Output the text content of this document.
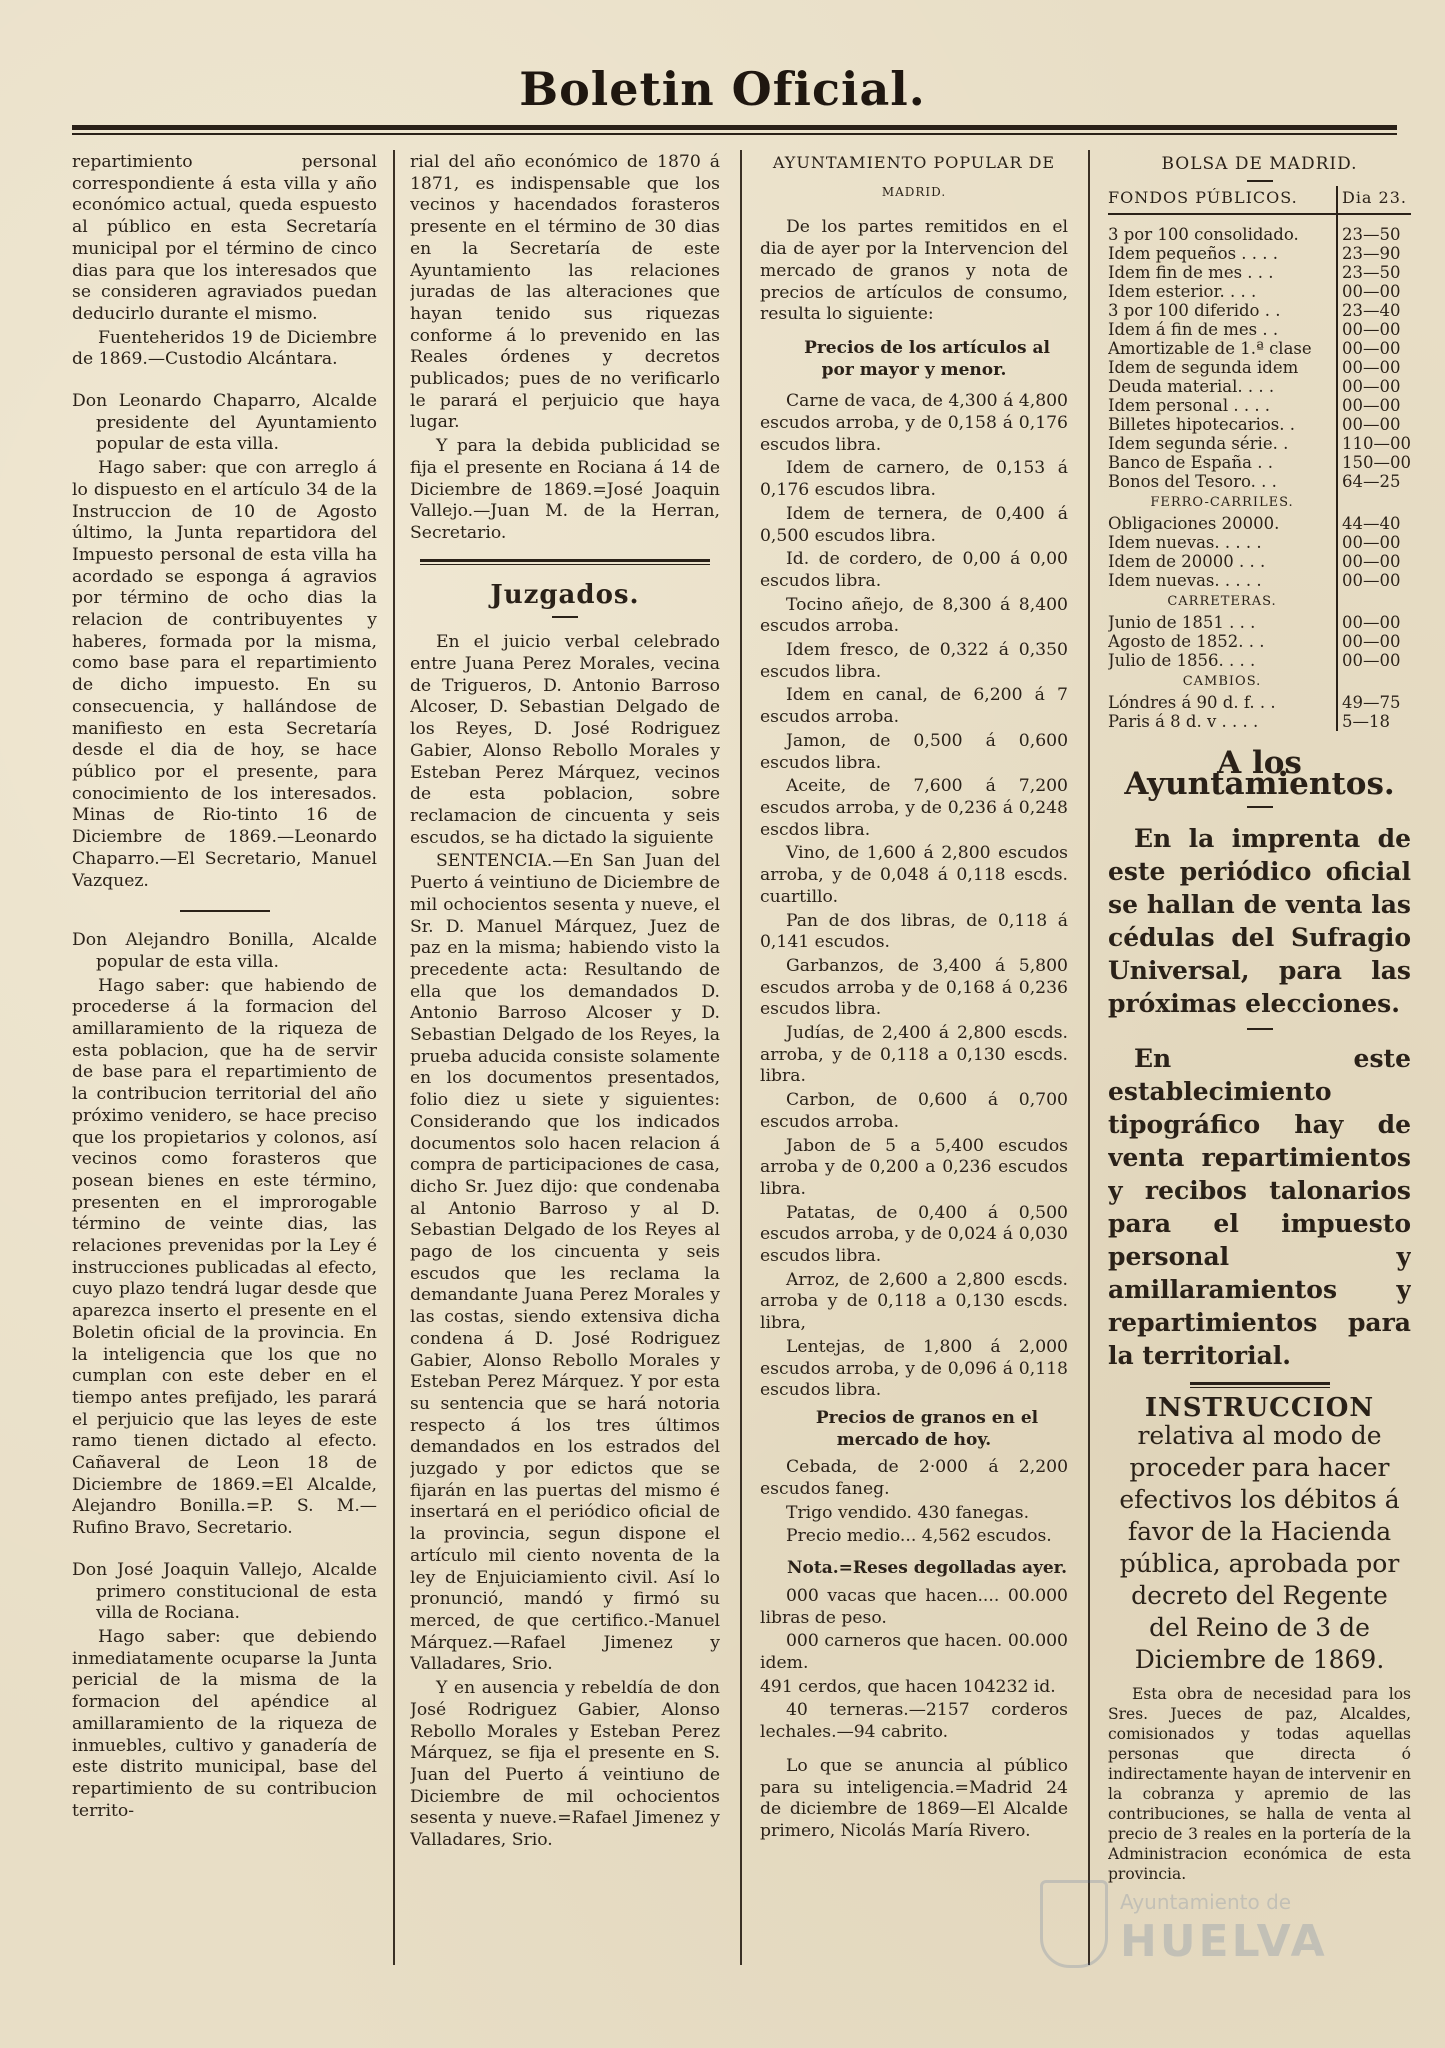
Boletin Oficial.

repartimiento personal correspondiente á esta villa y año económico actual, queda espuesto al público en esta Secretaría municipal por el término de cinco dias para que los interesados que se consideren agraviados puedan deducirlo durante el mismo.

Fuenteheridos 19 de Diciembre de 1869.—Custodio Alcántara.

Don Leonardo Chaparro, Alcalde presidente del Ayuntamiento popular de esta villa.

Hago saber: que con arreglo á lo dispuesto en el artículo 34 de la Instruccion de 10 de Agosto último, la Junta repartidora del Impuesto personal de esta villa ha acordado se esponga á agravios por término de ocho dias la relacion de contribuyentes y haberes, formada por la misma, como base para el repartimiento de dicho impuesto. En su consecuencia, y hallándose de manifiesto en esta Secretaría desde el dia de hoy, se hace público por el presente, para conocimiento de los interesados. Minas de Rio-tinto 16 de Diciembre de 1869.—Leonardo Chaparro.—El Secretario, Manuel Vazquez.

Don Alejandro Bonilla, Alcalde popular de esta villa.

Hago saber: que habiendo de procederse á la formacion del amillaramiento de la riqueza de esta poblacion, que ha de servir de base para el repartimiento de la contribucion territorial del año próximo venidero, se hace preciso que los propietarios y colonos, así vecinos como forasteros que posean bienes en este término, presenten en el improrogable término de veinte dias, las relaciones prevenidas por la Ley é instrucciones publicadas al efecto, cuyo plazo tendrá lugar desde que aparezca inserto el presente en el Boletin oficial de la provincia. En la inteligencia que los que no cumplan con este deber en el tiempo antes prefijado, les parará el perjuicio que las leyes de este ramo tienen dictado al efecto. Cañaveral de Leon 18 de Diciembre de 1869.=El Alcalde, Alejandro Bonilla.=P. S. M.—Rufino Bravo, Secretario.

Don José Joaquin Vallejo, Alcalde primero constitucional de esta villa de Rociana.

Hago saber: que debiendo inmediatamente ocuparse la Junta pericial de la misma de la formacion del apéndice al amillaramiento de la riqueza de inmuebles, cultivo y ganadería de este distrito municipal, base del repartimiento de su contribucion territo-

rial del año económico de 1870 á 1871, es indispensable que los vecinos y hacendados forasteros presente en el término de 30 dias en la Secretaría de este Ayuntamiento las relaciones juradas de las alteraciones que hayan tenido sus riquezas conforme á lo prevenido en las Reales órdenes y decretos publicados; pues de no verificarlo le parará el perjuicio que haya lugar.

Y para la debida publicidad se fija el presente en Rociana á 14 de Diciembre de 1869.=José Joaquin Vallejo.—Juan M. de la Herran, Secretario.

Juzgados.

En el juicio verbal celebrado entre Juana Perez Morales, vecina de Trigueros, D. Antonio Barroso Alcoser, D. Sebastian Delgado de los Reyes, D. José Rodriguez Gabier, Alonso Rebollo Morales y Esteban Perez Márquez, vecinos de esta poblacion, sobre reclamacion de cincuenta y seis escudos, se ha dictado la siguiente

SENTENCIA.—En San Juan del Puerto á veintiuno de Diciembre de mil ochocientos sesenta y nueve, el Sr. D. Manuel Márquez, Juez de paz en la misma; habiendo visto la precedente acta: Resultando de ella que los demandados D. Antonio Barroso Alcoser y D. Sebastian Delgado de los Reyes, la prueba aducida consiste solamente en los documentos presentados, folio diez u siete y siguientes: Considerando que los indicados documentos solo hacen relacion á compra de participaciones de casa, dicho Sr. Juez dijo: que condenaba al Antonio Barroso y al D. Sebastian Delgado de los Reyes al pago de los cincuenta y seis escudos que les reclama la demandante Juana Perez Morales y las costas, siendo extensiva dicha condena á D. José Rodriguez Gabier, Alonso Rebollo Morales y Esteban Perez Márquez. Y por esta su sentencia que se hará notoria respecto á los tres últimos demandados en los estrados del juzgado y por edictos que se fijarán en las puertas del mismo é insertará en el periódico oficial de la provincia, segun dispone el artículo mil ciento noventa de la ley de Enjuiciamiento civil. Así lo pronunció, mandó y firmó su merced, de que certifico.-Manuel Márquez.—Rafael Jimenez y Valladares, Srio.

Y en ausencia y rebeldía de don José Rodriguez Gabier, Alonso Rebollo Morales y Esteban Perez Márquez, se fija el presente en S. Juan del Puerto á veintiuno de Diciembre de mil ochocientos sesenta y nueve.=Rafael Jimenez y Valladares, Srio.

AYUNTAMIENTO POPULAR DE
MADRID.

De los partes remitidos en el dia de ayer por la Intervencion del mercado de granos y nota de precios de artículos de consumo, resulta lo siguiente:

Precios de los artículos al por mayor y menor.

Carne de vaca, de 4,300 á 4,800 escudos arroba, y de 0,158 á 0,176 escudos libra.

Idem de carnero, de 0,153 á 0,176 escudos libra.

Idem de ternera, de 0,400 á 0,500 escudos libra.

Id. de cordero, de 0,00 á 0,00 escudos libra.

Tocino añejo, de 8,300 á 8,400 escudos arroba.

Idem fresco, de 0,322 á 0,350 escudos libra.

Idem en canal, de 6,200 á 7 escudos arroba.

Jamon, de 0,500 á 0,600 escudos libra.

Aceite, de 7,600 á 7,200 escudos arroba, y de 0,236 á 0,248 escdos libra.

Vino, de 1,600 á 2,800 escudos arroba, y de 0,048 á 0,118 escds. cuartillo.

Pan de dos libras, de 0,118 á 0,141 escudos.

Garbanzos, de 3,400 á 5,800 escudos arroba y de 0,168 á 0,236 escudos libra.

Judías, de 2,400 á 2,800 escds. arroba, y de 0,118 a 0,130 escds. libra.

Carbon, de 0,600 á 0,700 escudos arroba.

Jabon de 5 a 5,400 escudos arroba y de 0,200 a 0,236 escudos libra.

Patatas, de 0,400 á 0,500 escudos arroba, y de 0,024 á 0,030 escudos libra.

Arroz, de 2,600 a 2,800 escds. arroba y de 0,118 a 0,130 escds. libra,

Lentejas, de 1,800 á 2,000 escudos arroba, y de 0,096 á 0,118 escudos libra.

Precios de granos en el mercado de hoy.

Cebada, de 2·000 á 2,200 escudos faneg.

Trigo vendido. 430 fanegas.

Precio medio... 4,562 escudos.

Nota.=Reses degolladas ayer.

000 vacas que hacen.... 00.000 libras de peso.

000 carneros que hacen. 00.000 idem.

491 cerdos, que hacen 104232 id.

40 terneras.—2157 corderos lechales.—94 cabrito.

Lo que se anuncia al público para su inteligencia.=Madrid 24 de diciembre de 1869—El Alcalde primero, Nicolás María Rivero.

BOLSA DE MADRID.
FONDOS PÚBLICOS.		Dia 23.

3 por 100 consolidado.		23—50
Idem pequeños . . . .		23—90
Idem fin de mes . . .		23—50
Idem esterior. . . .		00—00
3 por 100 diferido . .		23—40
Idem á fin de mes . .		00—00
Amortizable de 1.ª clase		00—00
Idem de segunda idem		00—00
Deuda material. . . .		00—00
Idem personal . . . .		00—00
Billetes hipotecarios. .		00—00
Idem segunda série. .		110—00
Banco de España . .		150—00
Bonos del Tesoro. . .		64—25
FERRO-CARRILES.		
Obligaciones 20000.		44—40
Idem nuevas. . . . .		00—00
Idem de 20000 . . .		00—00
Idem nuevas. . . . .		00—00
CARRETERAS.		
Junio de 1851 . . .		00—00
Agosto de 1852. . .		00—00
Julio de 1856. . . .		00—00
CAMBIOS.		
Lóndres á 90 d. f. . .		49—75
Paris á 8 d. v . . . .		5—18
A los Ayuntamientos.

En la imprenta de este periódico oficial se hallan de venta las cédulas del Sufragio Universal, para las próximas elecciones.

En este establecimiento tipográfico hay de venta repartimientos y recibos talonarios para el impuesto personal y amillaramientos y repartimientos para la territorial.

INSTRUCCION
relativa al modo de proceder para hacer efectivos los débitos á favor de la Hacienda pública, aprobada por decreto del Regente del Reino de 3 de Diciembre de 1869.

Esta obra de necesidad para los Sres. Jueces de paz, Alcaldes, comisionados y todas aquellas personas que directa ó indirectamente hayan de intervenir en la cobranza y apremio de las contribuciones, se halla de venta al precio de 3 reales en la portería de la Administracion económica de esta provincia.

Ayuntamiento de
HUELVA
